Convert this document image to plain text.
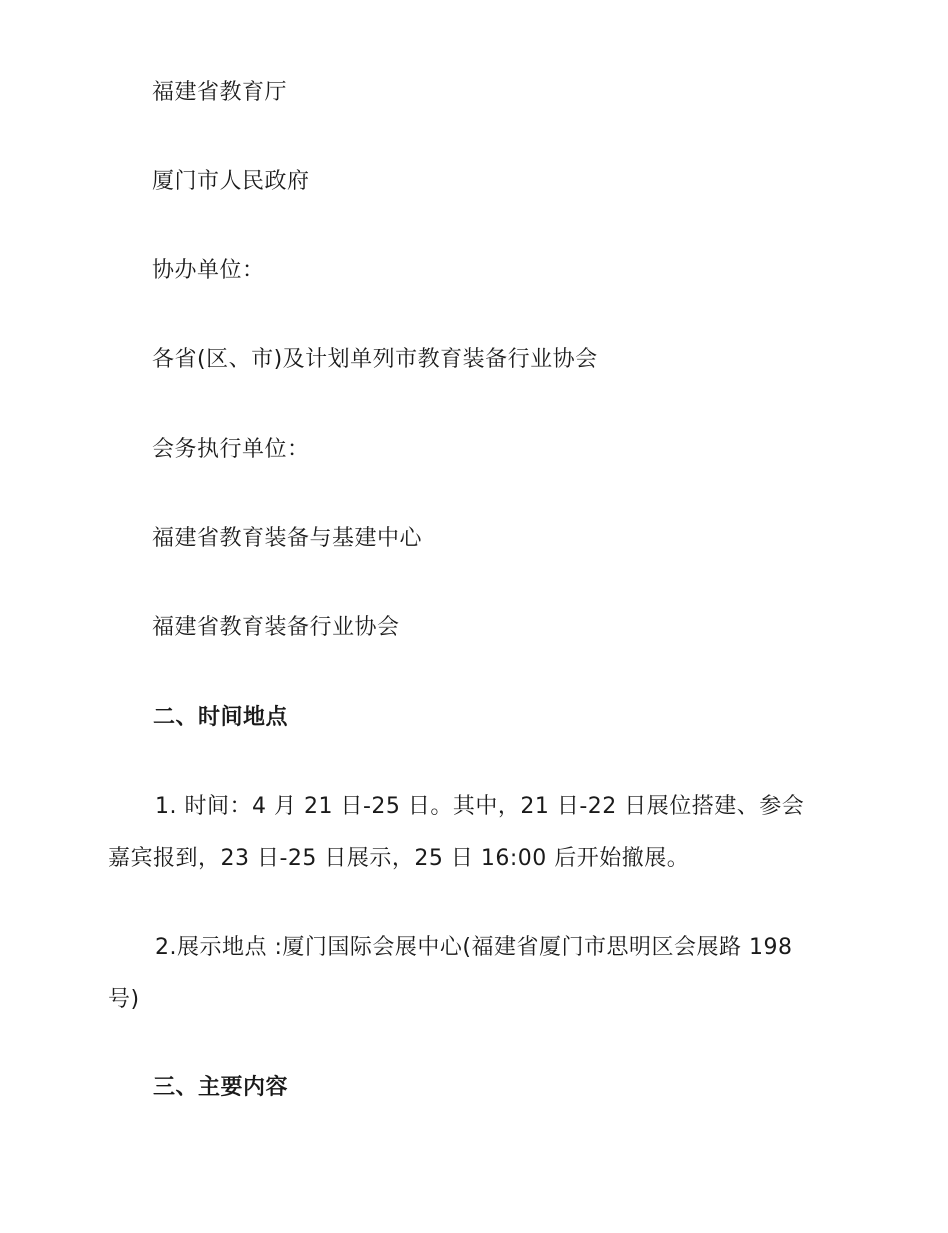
福建省教育厅
厦门市人民政府
协办单位：
各省(区、市)及计划单列市教育装备行业协会
会务执行单位：
福建省教育装备与基建中心
福建省教育装备行业协会
二、时间地点
1. 时间：4 月 21 日-25 日。其中，21 日-22 日展位搭建、参会
嘉宾报到，23 日-25 日展示，25 日 16:00 后开始撤展。
2.展示地点 :厦门国际会展中心(福建省厦门市思明区会展路 198
号)
三、主要内容
